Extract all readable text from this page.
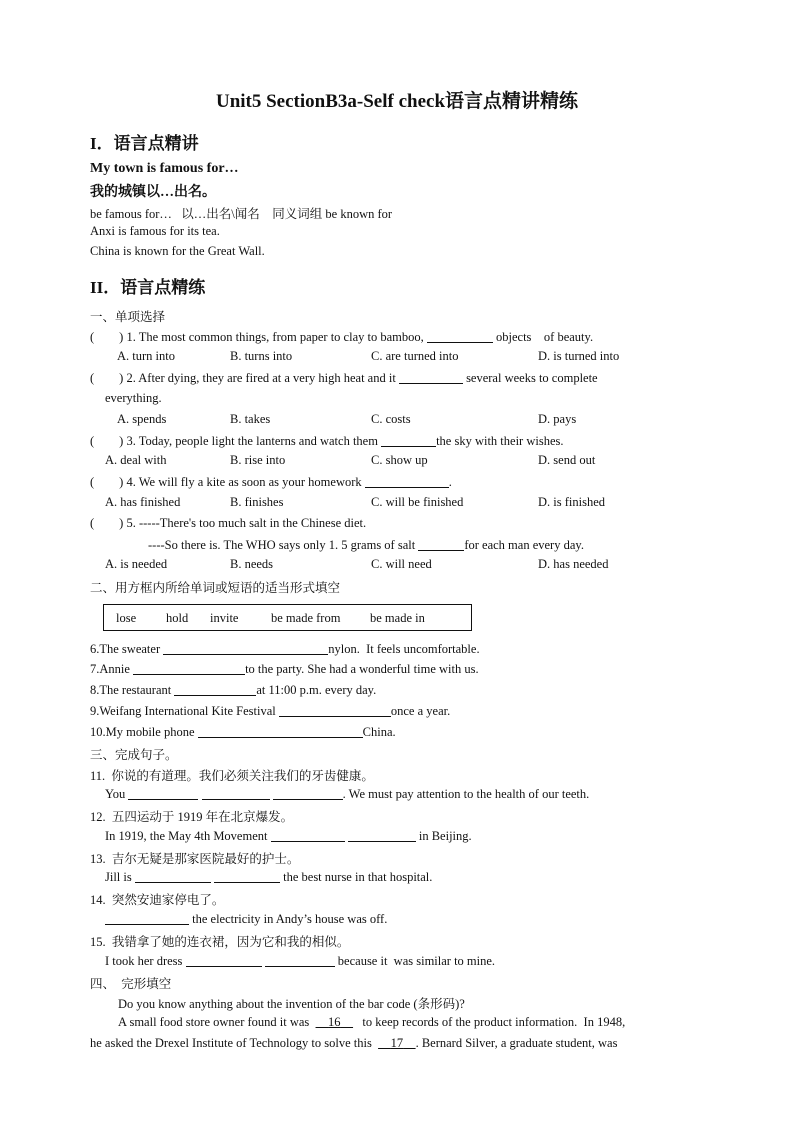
Unit5 SectionB3a-Self check语言点精讲精练
I．语言点精讲
My town is famous for…
我的城镇以…出名。
be famous for…   以…出名\闻名    同义词组 be known for
Anxi is famous for its tea.
China is known for the Great Wall.
II．语言点精练
一、单项选择
(        ) 1. The most common things, from paper to clay to bamboo,	objects    of beauty.
A. turn into	B. turns into	C. are turned into	D. is turned into
(        ) 2. After dying, they are fired at a very high heat and it	several weeks to complete
everything.
A. spends	B. takes	C. costs	D. pays
(        ) 3. Today, people light the lanterns and watch them	the sky with their wishes.
A. deal with	B. rise into	C. show up	D. send out
(        ) 4. We will fly a kite as soon as your homework	.
A. has finished	B. finishes	C. will be finished	D. is finished
(        ) 5. -----There's too much salt in the Chinese diet.
----So there is. The WHO says only 1. 5 grams of salt	for each man every day.
A. is needed	B. needs	C. will need	D. has needed
二、用方框内所给单词或短语的适当形式填空
lose hold invite	be made from be made in
6.The sweater	nylon.  It feels uncomfortable.
7.Annie	to the party. She had a wonderful time with us.
8.The restaurant	at 11:00 p.m. every day.
9.Weifang International Kite Festival	once a year.
10.My mobile phone	China.
三、完成句子。
11.  你说的有道理。我们必须关注我们的牙齿健康。
You	. We must pay attention to the health of our teeth.
12.  五四运动于 1919 年在北京爆发。
In 1919, the May 4th Movement	in Beijing.
13.  吉尔无疑是那家医院最好的护士。
Jill is	the best nurse in that hospital.
14.  突然安迪家停电了。
the electricity in Andy’s house was off.
15.  我错拿了她的连衣裙，因为它和我的相似。
I took her dress	because it  was similar to mine.
四、  完形填空
Do you know anything about the invention of the bar code (条形码)?
A small food store owner found it was 16 to keep records of the product information.  In 1948,
he asked the Drexel Institute of Technology to solve this 17 . Bernard Silver, a graduate student, was
